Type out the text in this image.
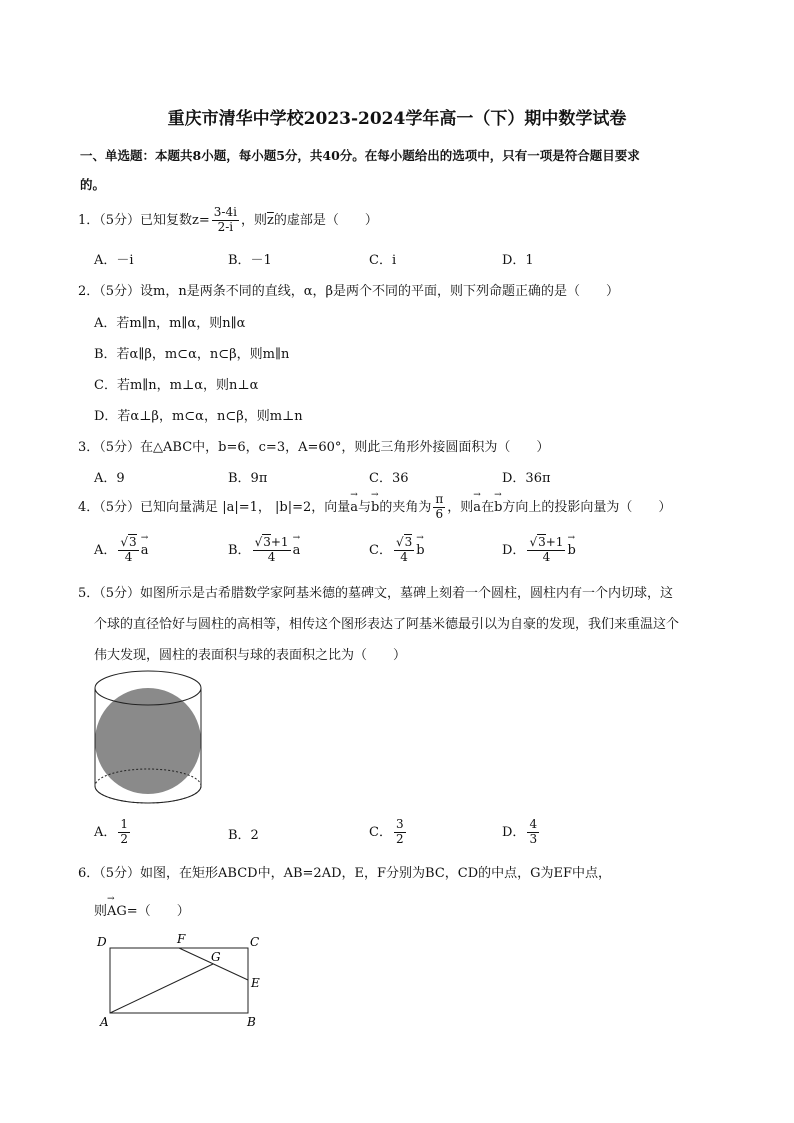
重庆市清华中学校2023-2024学年高一（下）期中数学试卷
一、单选题：本题共8小题，每小题5分，共40分。在每小题给出的选项中，只有一项是符合题目要求
的。
1．（5分）已知复数$z= \frac{3-4i}{2-i}$ ，则$\overline{z}$的虚部是（　　）
A．－i	B．－1	C．i	D．1
2．（5分）设m，n是两条不同的直线，α，β是两个不同的平面，则下列命题正确的是（　　）
A．若m∥n，m∥α，则n∥α
B．若α∥β，m⊂α，n⊂β，则m∥n
C．若m∥n，m⊥α，则n⊥α
D．若α⊥β，m⊂α，n⊂β，则m⊥n
3．（5分）在△ABC中，b=6，c=3，A=60°，则此三角形外接圆面积为（　　）
A．9	B．9π	C．36	D．36π
4．（5分）已知向量满足 |a|=1， |b|=2，向量→ a与→ b的夹角为 $\frac{\pi}{6}$ ，则→ a在→ b方向上的投影向量为（　　）
A． $\frac{√3}{4} \to a$	B． $\frac{√3+1}{4} \to a$	C． $\frac{√3}{4} \to b$	D． $\frac{√3+1}{4} \to b$
5．（5分）如图所示是古希腊数学家阿基米德的墓碑文，墓碑上刻着一个圆柱，圆柱内有一个内切球，这
个球的直径恰好与圆柱的高相等，相传这个图形表达了阿基米德最引以为自豪的发现，我们来重温这个
伟大发现，圆柱的表面积与球的表面积之比为（　　）
A． $\frac{1}{2}$	B．2	C． $\frac{3}{2}$	D． $\frac{4}{3}$
6．（5分）如图，在矩形ABCD中，AB=2AD，E，F分别为BC，CD的中点，G为EF中点，
则→ AG=（　　）
D	F	C
G
E
A	B
